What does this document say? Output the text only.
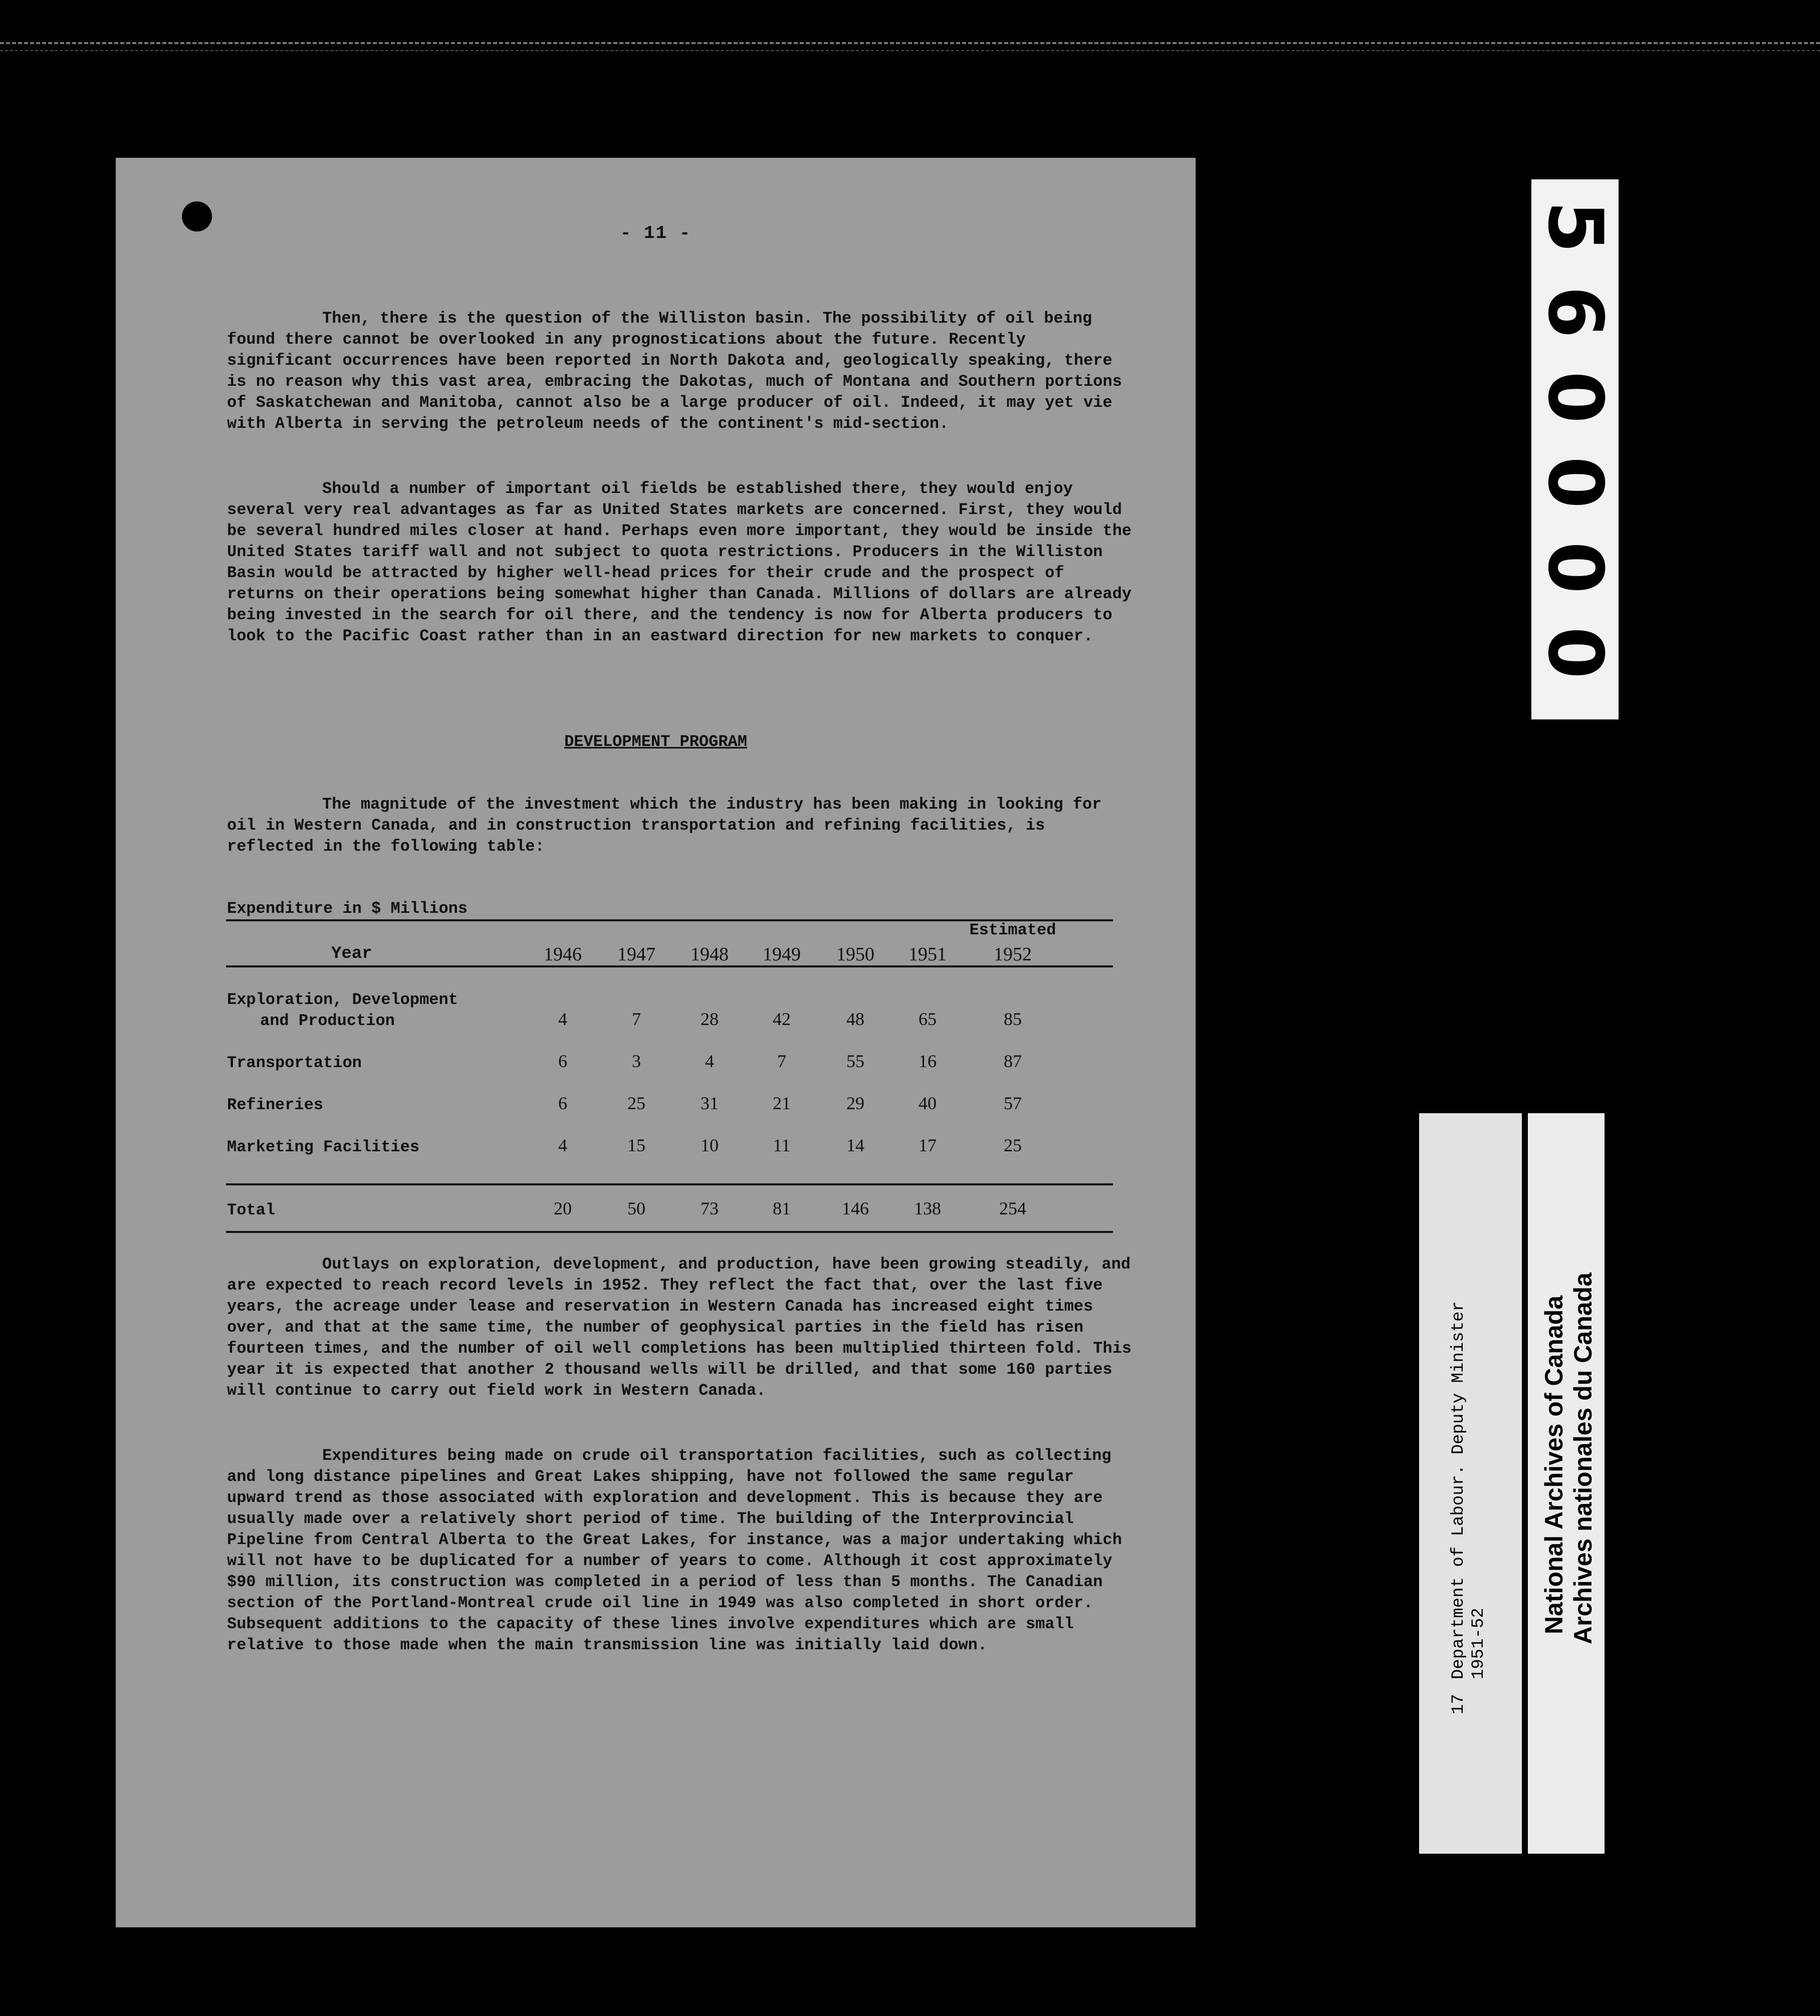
- 11 -
Then, there is the question of the Williston basin. The possibility of oil being found there cannot be overlooked in any prognostications about the future. Recently significant occurrences have been reported in North Dakota and, geologically speaking, there is no reason why this vast area, embracing the Dakotas, much of Montana and Southern portions of Saskatchewan and Manitoba, cannot also be a large producer of oil. Indeed, it may yet vie with Alberta in serving the petroleum needs of the continent's mid-section.
Should a number of important oil fields be established there, they would enjoy several very real advantages as far as United States markets are concerned. First, they would be several hundred miles closer at hand. Perhaps even more important, they would be inside the United States tariff wall and not subject to quota restrictions. Producers in the Williston Basin would be attracted by higher well-head prices for their crude and the prospect of returns on their operations being somewhat higher than Canada. Millions of dollars are already being invested in the search for oil there, and the tendency is now for Alberta producers to look to the Pacific Coast rather than in an eastward direction for new markets to conquer.
DEVELOPMENT PROGRAM
The magnitude of the investment which the industry has been making in looking for oil in Western Canada, and in construction transportation and refining facilities, is reflected in the following table:
Expenditure in $ Millions
Estimated
Year	1946	1947	1948	1949	1950	1951	1952
Exploration, Development
and Production	4	7	28	42	48	65	85
Transportation	6	3	4	7	55	16	87
Refineries	6	25	31	21	29	40	57
Marketing Facilities	4	15	10	11	14	17	25
Total	20	50	73	81	146	138	254
Outlays on exploration, development, and production, have been growing steadily, and are expected to reach record levels in 1952. They reflect the fact that, over the last five years, the acreage under lease and reservation in Western Canada has increased eight times over, and that at the same time, the number of geophysical parties in the field has risen fourteen times, and the number of oil well completions has been multiplied thirteen fold. This year it is expected that another 2 thousand wells will be drilled, and that some 160 parties will continue to carry out field work in Western Canada.
Expenditures being made on crude oil transportation facilities, such as collecting and long distance pipelines and Great Lakes shipping, have not followed the same regular upward trend as those associated with exploration and development. This is because they are usually made over a relatively short period of time. The building of the Interprovincial Pipeline from Central Alberta to the Great Lakes, for instance, was a major undertaking which will not have to be duplicated for a number of years to come. Although it cost approximately $90 million, its construction was completed in a period of less than 5 months. The Canadian section of the Portland-Montreal crude oil line in 1949 was also completed in short order. Subsequent additions to the capacity of these lines involve expenditures which are small relative to those made when the main transmission line was initially laid down.
5
6
0
0
0
0
17
Department of Labour. Deputy Minister 1951-52
National Archives of Canada Archives nationales du Canada
